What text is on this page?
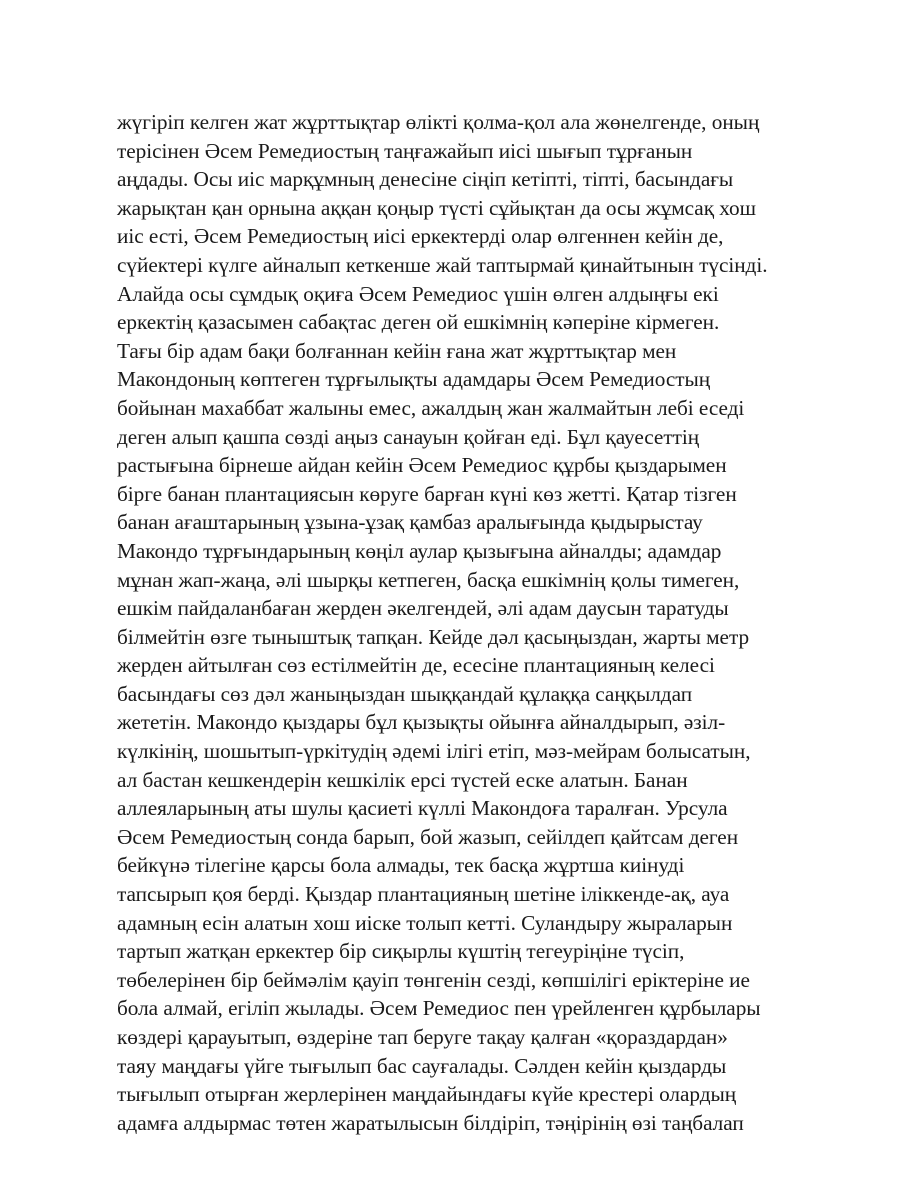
жүгіріп келген жат жұрттықтар өлікті қолма-қол ала жөнелгенде, оның
терісінен Әсем Ремедиостың таңғажайып иісі шығып тұрғанын
аңдады. Осы иіс марқұмның денесіне сіңіп кетіпті, тіпті, басындағы
жарықтан қан орнына аққан қоңыр түсті сұйықтан да осы жұмсақ хош
иіс есті, Әсем Ремедиостың иісі еркектерді олар өлгеннен кейін де,
сүйектері күлге айналып кеткенше жай таптырмай қинайтынын түсінді.
Алайда осы сұмдық оқиға Әсем Ремедиос үшін өлген алдыңғы екі
еркектің қазасымен сабақтас деген ой ешкімнің кәперіне кірмеген.
Тағы бір адам бақи болғаннан кейін ғана жат жұрттықтар мен
Макондоның көптеген тұрғылықты адамдары Әсем Ремедиостың
бойынан махаббат жалыны емес, ажалдың жан жалмайтын лебі еседі
деген алып қашпа сөзді аңыз санауын қойған еді. Бұл қауесеттің
растығына бірнеше айдан кейін Әсем Ремедиос құрбы қыздарымен
бірге банан плантациясын көруге барған күні көз жетті. Қатар тізген
банан ағаштарының ұзына-ұзақ қамбаз аралығында қыдырыстау
Макондо тұрғындарының көңіл аулар қызығына айналды; адамдар
мұнан жап-жаңа, әлі шырқы кетпеген, басқа ешкімнің қолы тимеген,
ешкім пайдаланбаған жерден әкелгендей, әлі адам даусын таратуды
білмейтін өзге тыныштық тапқан. Кейде дәл қасыңыздан, жарты метр
жерден айтылған сөз естілмейтін де, есесіне плантацияның келесі
басындағы сөз дәл жаныңыздан шыққандай құлаққа саңқылдап
жететін. Макондо қыздары бұл қызықты ойынға айналдырып, әзіл-
күлкінің, шошытып-үркітудің әдемі ілігі етіп, мәз-мейрам болысатын,
ал бастан кешкендерін кешкілік ерсі түстей еске алатын. Банан
аллеяларының аты шулы қасиеті күллі Макондоға таралған. Урсула
Әсем Ремедиостың сонда барып, бой жазып, сейілдеп қайтсам деген
бейкүнә тілегіне қарсы бола алмады, тек басқа жұртша киінуді
тапсырып қоя берді. Қыздар плантацияның шетіне іліккенде-ақ, ауа
адамның есін алатын хош иіске толып кетті. Суландыру жыраларын
тартып жатқан еркектер бір сиқырлы күштің тегеуріңіне түсіп,
төбелерінен бір беймәлім қауіп төнгенін сезді, көпшілігі еріктеріне ие
бола алмай, егіліп жылады. Әсем Ремедиос пен үрейленген құрбылары
көздері қарауытып, өздеріне тап беруге тақау қалған «қораздардан»
таяу маңдағы үйге тығылып бас сауғалады. Сәлден кейін қыздарды
тығылып отырған жерлерінен маңдайындағы күйе крестері олардың
адамға алдырмас төтен жаратылысын білдіріп, тәңірінің өзі таңбалап
